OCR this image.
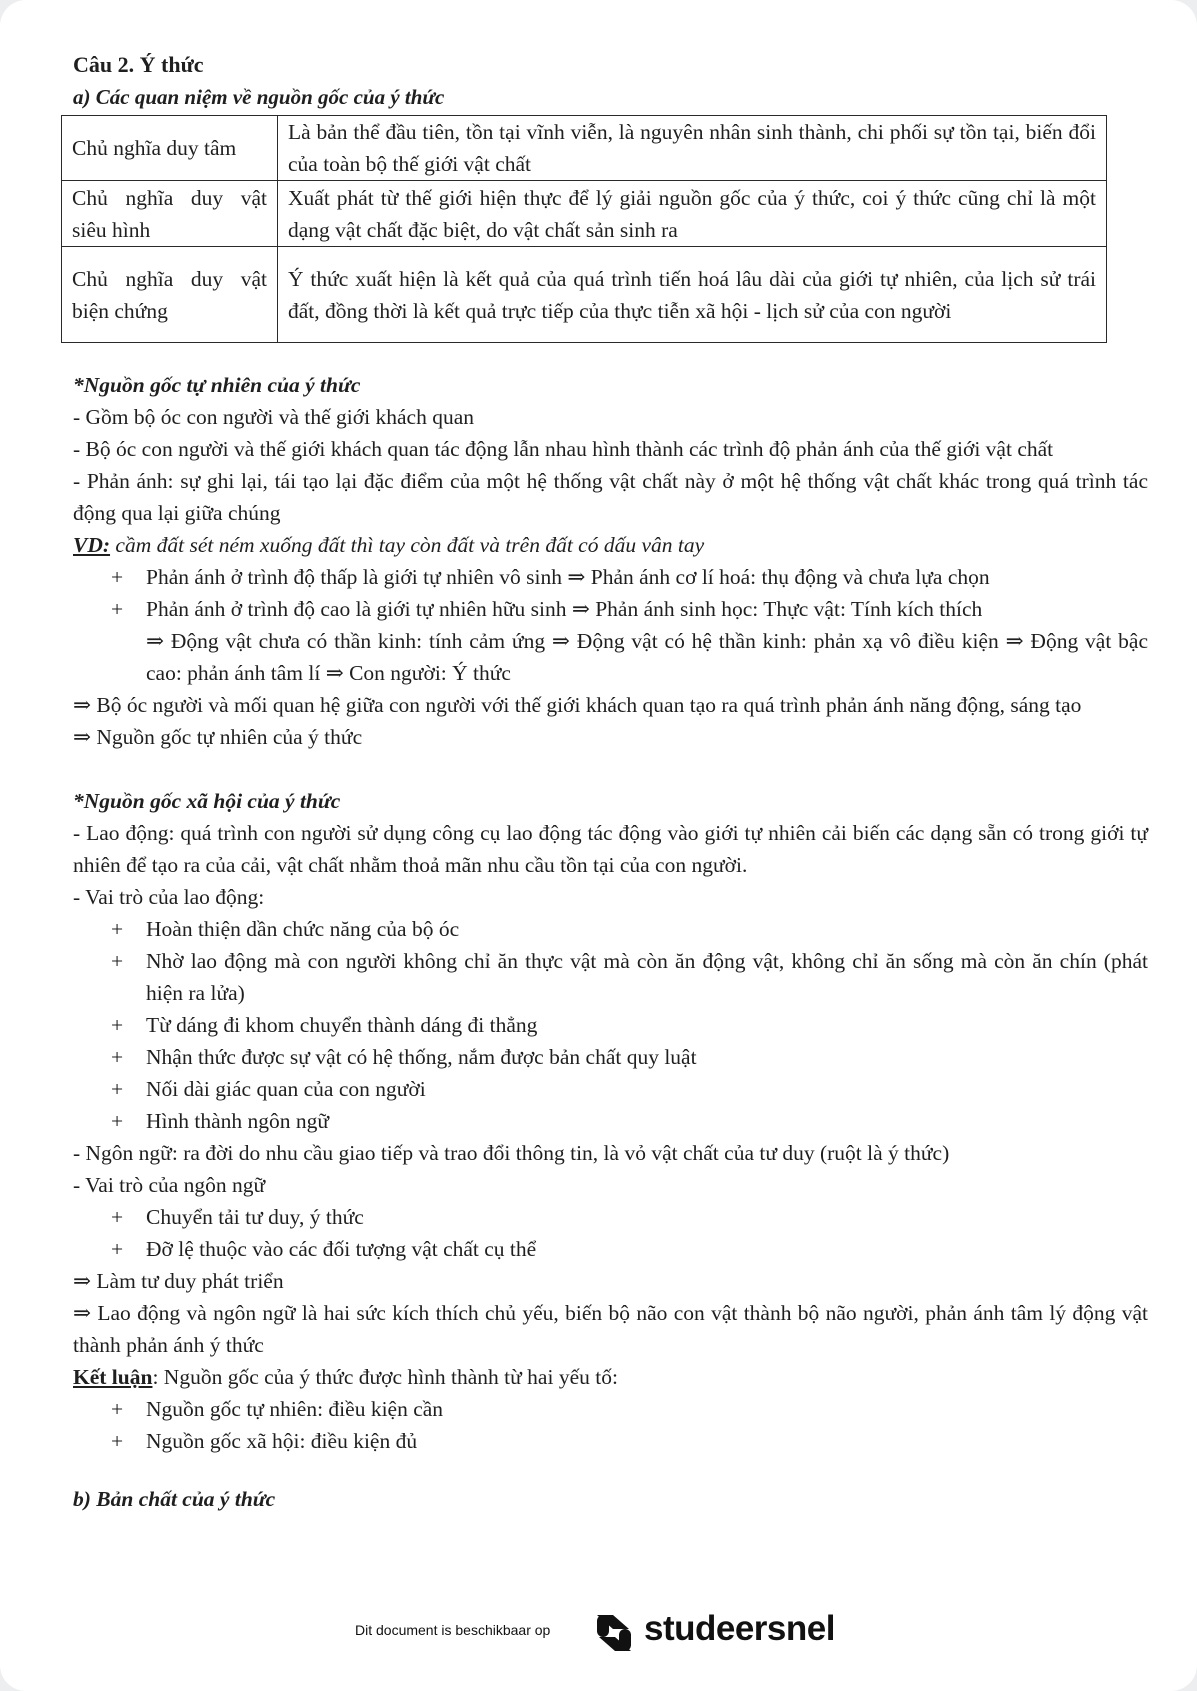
Câu 2. Ý thức
a) Các quan niệm về nguồn gốc của ý thức
Chủ nghĩa duy tâm	Là bản thể đầu tiên, tồn tại vĩnh viễn, là nguyên nhân sinh thành, chi phối sự tồn tại, biến đổi của toàn bộ thế giới vật chất
Chủ nghĩa duy vật siêu hình	Xuất phát từ thế giới hiện thực để lý giải nguồn gốc của ý thức, coi ý thức cũng chỉ là một dạng vật chất đặc biệt, do vật chất sản sinh ra
Chủ nghĩa duy vật biện chứng	Ý thức xuất hiện là kết quả của quá trình tiến hoá lâu dài của giới tự nhiên, của lịch sử trái đất, đồng thời là kết quả trực tiếp của thực tiễn xã hội - lịch sử của con người
*Nguồn gốc tự nhiên của ý thức
- Gồm bộ óc con người và thế giới khách quan
- Bộ óc con người và thế giới khách quan tác động lẫn nhau hình thành các trình độ phản ánh của thế giới vật chất
- Phản ánh: sự ghi lại, tái tạo lại đặc điểm của một hệ thống vật chất này ở một hệ thống vật chất khác trong quá trình tác động qua lại giữa chúng
VD: cầm đất sét ném xuống đất thì tay còn đất và trên đất có dấu vân tay
+ Phản ánh ở trình độ thấp là giới tự nhiên vô sinh ⇒ Phản ánh cơ lí hoá: thụ động và chưa lựa chọn
+ Phản ánh ở trình độ cao là giới tự nhiên hữu sinh ⇒ Phản ánh sinh học: Thực vật: Tính kích thích
⇒ Động vật chưa có thần kinh: tính cảm ứng ⇒ Động vật có hệ thần kinh: phản xạ vô điều kiện ⇒ Động vật bậc cao: phản ánh tâm lí ⇒ Con người: Ý thức
⇒ Bộ óc người và mối quan hệ giữa con người với thế giới khách quan tạo ra quá trình phản ánh năng động, sáng tạo
⇒ Nguồn gốc tự nhiên của ý thức
*Nguồn gốc xã hội của ý thức
- Lao động: quá trình con người sử dụng công cụ lao động tác động vào giới tự nhiên cải biến các dạng sẵn có trong giới tự nhiên để tạo ra của cải, vật chất nhằm thoả mãn nhu cầu tồn tại của con người.
- Vai trò của lao động:
+ Hoàn thiện dần chức năng của bộ óc
+ Nhờ lao động mà con người không chỉ ăn thực vật mà còn ăn động vật, không chỉ ăn sống mà còn ăn chín (phát hiện ra lửa)
+ Từ dáng đi khom chuyển thành dáng đi thẳng
+ Nhận thức được sự vật có hệ thống, nắm được bản chất quy luật
+ Nối dài giác quan của con người
+ Hình thành ngôn ngữ
- Ngôn ngữ: ra đời do nhu cầu giao tiếp và trao đổi thông tin, là vỏ vật chất của tư duy (ruột là ý thức)
- Vai trò của ngôn ngữ
+ Chuyển tải tư duy, ý thức
+ Đỡ lệ thuộc vào các đối tượng vật chất cụ thể
⇒ Làm tư duy phát triển
⇒ Lao động và ngôn ngữ là hai sức kích thích chủ yếu, biến bộ não con vật thành bộ não người, phản ánh tâm lý động vật thành phản ánh ý thức
Kết luận: Nguồn gốc của ý thức được hình thành từ hai yếu tố:
+ Nguồn gốc tự nhiên: điều kiện cần
+ Nguồn gốc xã hội: điều kiện đủ
b) Bản chất của ý thức
Dit document is beschikbaar op	studeersnel
